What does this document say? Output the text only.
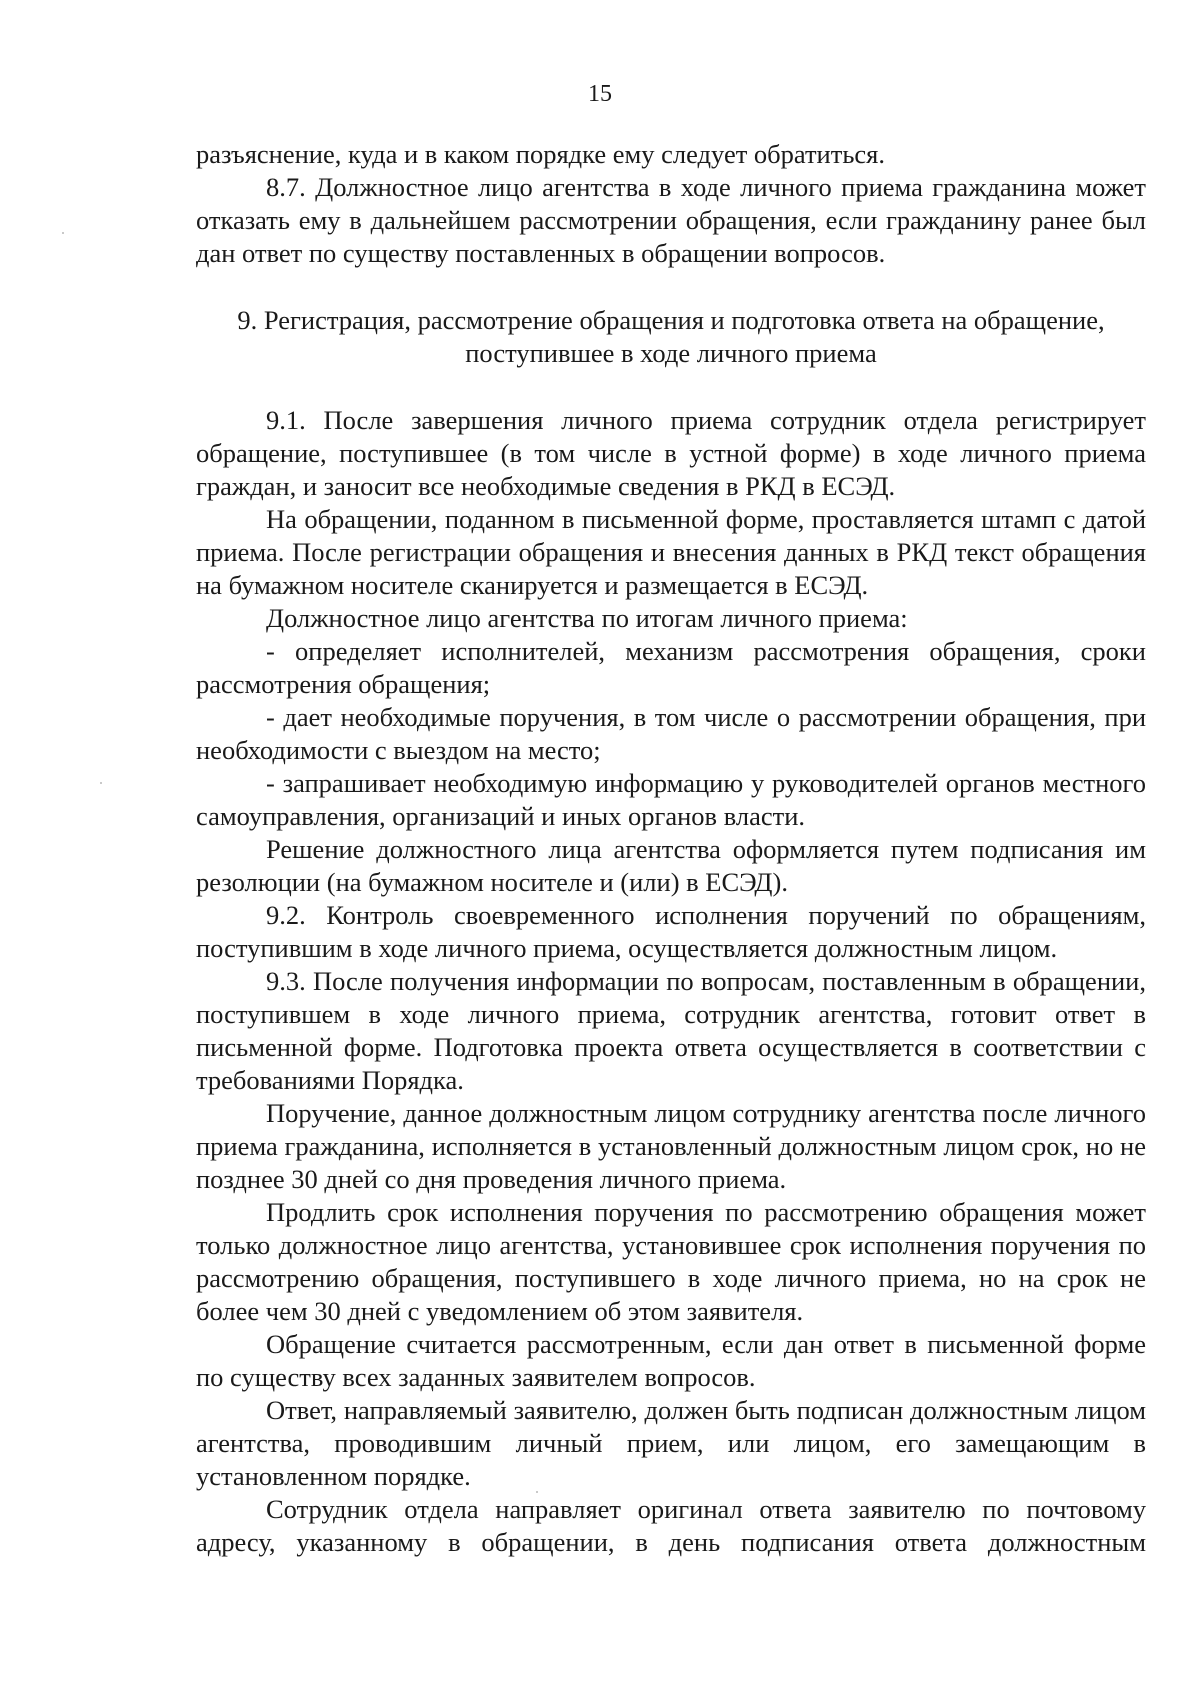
15

разъяснение, куда и в каком порядке ему следует обратиться.

8.7. Должностное лицо агентства в ходе личного приема гражданина может отказать ему в дальнейшем рассмотрении обращения, если гражданину ранее был дан ответ по существу поставленных в обращении вопросов.

9. Регистрация, рассмотрение обращения и подготовка ответа на обращение,

поступившее в ходе личного приема

9.1. После завершения личного приема сотрудник отдела регистрирует обращение, поступившее (в том числе в устной форме) в ходе личного приема граждан, и заносит все необходимые сведения в РКД в ЕСЭД.

На обращении, поданном в письменной форме, проставляется штамп с датой приема. После регистрации обращения и внесения данных в РКД текст обращения на бумажном носителе сканируется и размещается в ЕСЭД.

Должностное лицо агентства по итогам личного приема:

- определяет исполнителей, механизм рассмотрения обращения, сроки рассмотрения обращения;

- дает необходимые поручения, в том числе о рассмотрении обращения, при необходимости с выездом на место;

- запрашивает необходимую информацию у руководителей органов местного самоуправления, организаций и иных органов власти.

Решение должностного лица агентства оформляется путем подписания им резолюции (на бумажном носителе и (или) в ЕСЭД).

9.2. Контроль своевременного исполнения поручений по обращениям, поступившим в ходе личного приема, осуществляется должностным лицом.

9.3. После получения информации по вопросам, поставленным в обращении, поступившем в ходе личного приема, сотрудник агентства, готовит ответ в письменной форме. Подготовка проекта ответа осуществляется в соответствии с требованиями Порядка.

Поручение, данное должностным лицом сотруднику агентства после личного приема гражданина, исполняется в установленный должностным лицом срок, но не позднее 30 дней со дня проведения личного приема.

Продлить срок исполнения поручения по рассмотрению обращения может только должностное лицо агентства, установившее срок исполнения поручения по рассмотрению обращения, поступившего в ходе личного приема, но на срок не более чем 30 дней с уведомлением об этом заявителя.

Обращение считается рассмотренным, если дан ответ в письменной форме по существу всех заданных заявителем вопросов.

Ответ, направляемый заявителю, должен быть подписан должностным лицом агентства, проводившим личный прием, или лицом, его замещающим в установленном порядке.

Сотрудник отдела направляет оригинал ответа заявителю по почтовому адресу, указанному в обращении, в день подписания ответа должностным
